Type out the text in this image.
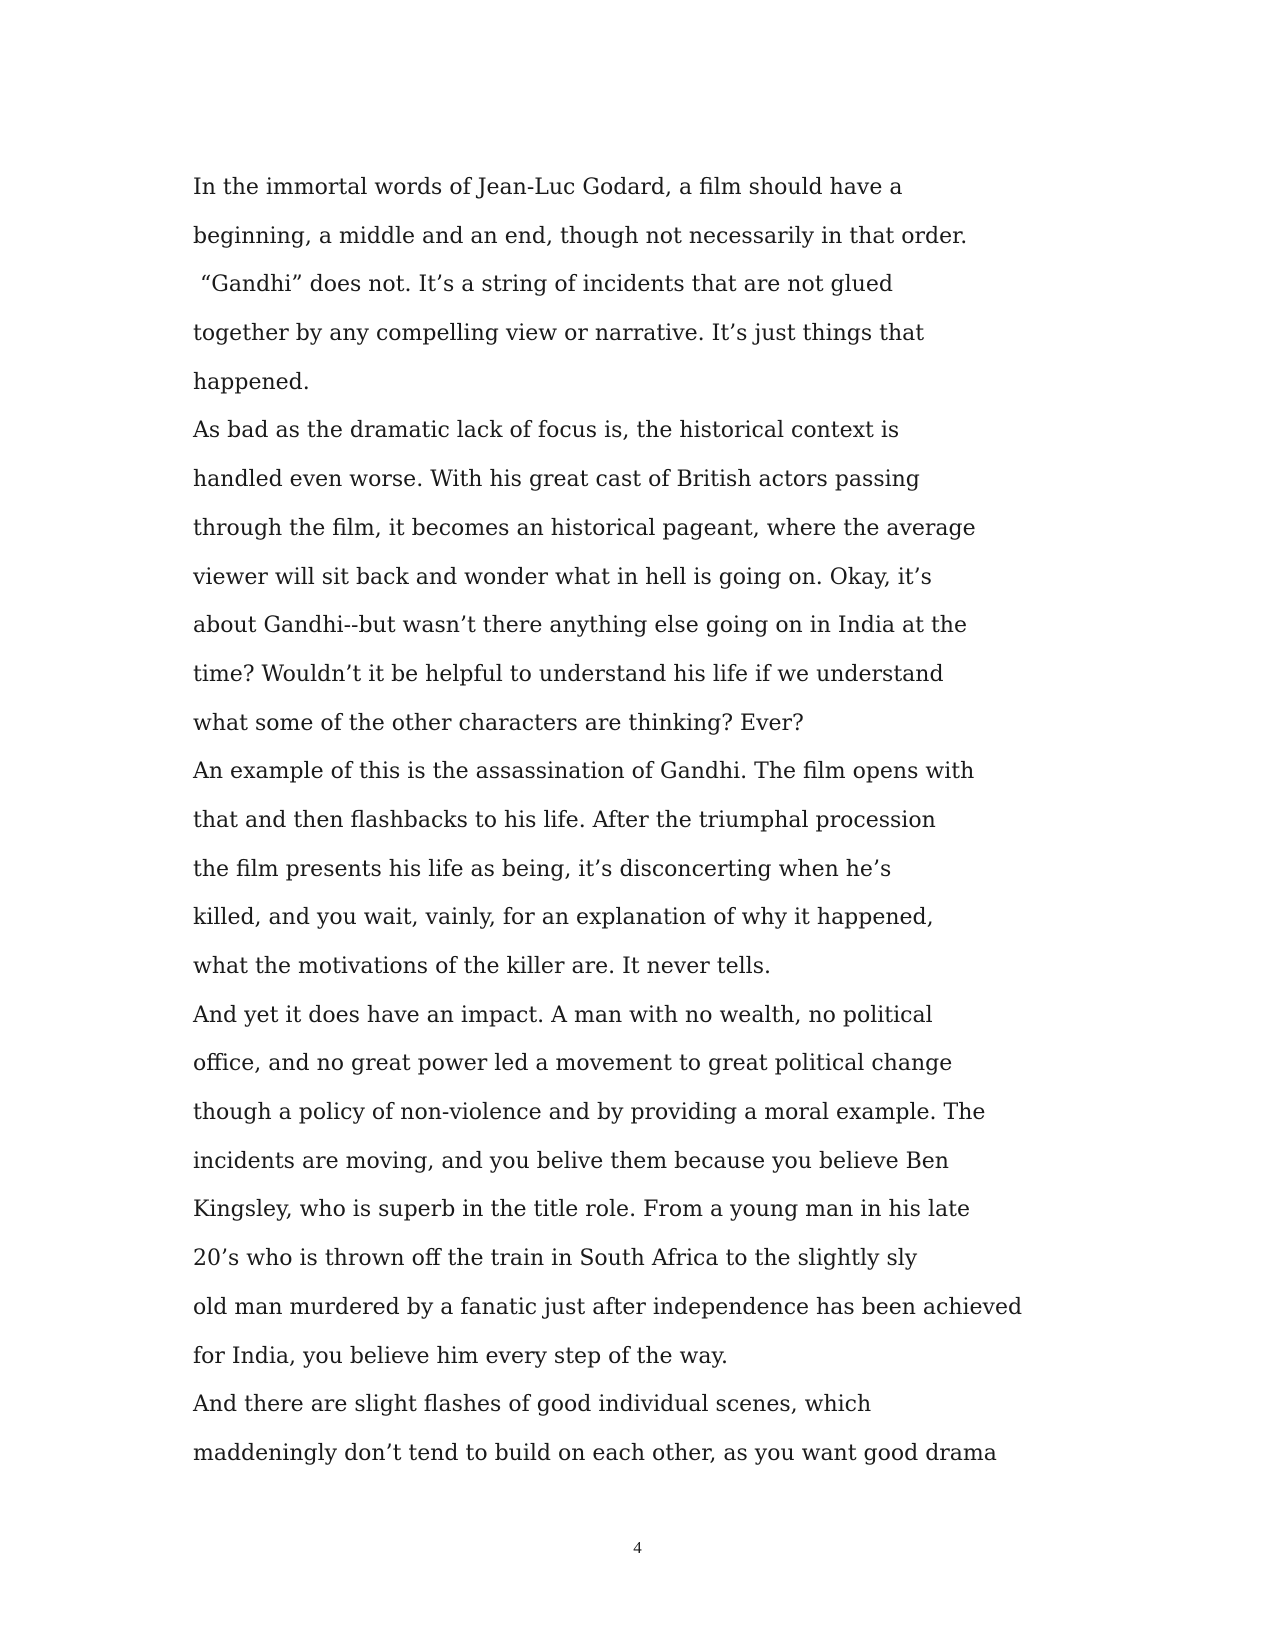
In the immortal words of Jean-Luc Godard, a film should have a
beginning, a middle and an end, though not necessarily in that order.
“Gandhi” does not. It’s a string of incidents that are not glued
together by any compelling view or narrative. It’s just things that
happened.
As bad as the dramatic lack of focus is, the historical context is
handled even worse. With his great cast of British actors passing
through the film, it becomes an historical pageant, where the average
viewer will sit back and wonder what in hell is going on. Okay, it’s
about Gandhi--but wasn’t there anything else going on in India at the
time? Wouldn’t it be helpful to understand his life if we understand
what some of the other characters are thinking? Ever?
An example of this is the assassination of Gandhi. The film opens with
that and then flashbacks to his life. After the triumphal procession
the film presents his life as being, it’s disconcerting when he’s
killed, and you wait, vainly, for an explanation of why it happened,
what the motivations of the killer are. It never tells.
And yet it does have an impact. A man with no wealth, no political
office, and no great power led a movement to great political change
though a policy of non-violence and by providing a moral example. The
incidents are moving, and you belive them because you believe Ben
Kingsley, who is superb in the title role. From a young man in his late
20’s who is thrown off the train in South Africa to the slightly sly
old man murdered by a fanatic just after independence has been achieved
for India, you believe him every step of the way.
And there are slight flashes of good individual scenes, which
maddeningly don’t tend to build on each other, as you want good drama
4
